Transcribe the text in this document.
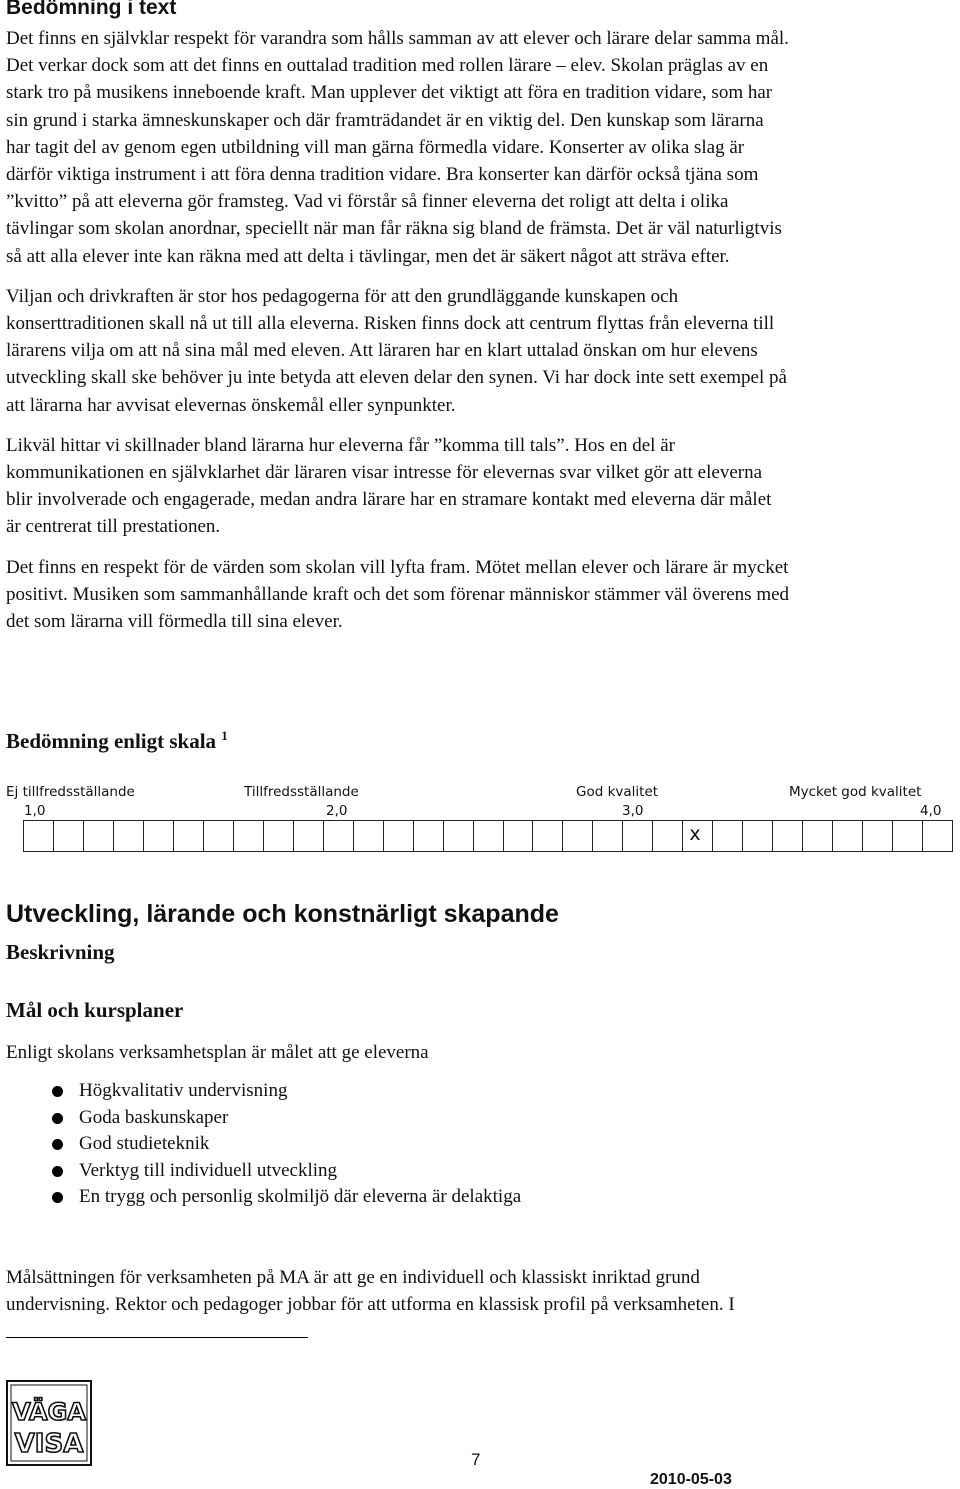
Bedömning i text

Det finns en självklar respekt för varandra som hålls samman av att elever och lärare delar samma mål.
Det verkar dock som att det finns en outtalad tradition med rollen lärare – elev. Skolan präglas av en
stark tro på musikens inneboende kraft. Man upplever det viktigt att föra en tradition vidare, som har
sin grund i starka ämneskunskaper och där framträdandet är en viktig del. Den kunskap som lärarna
har tagit del av genom egen utbildning vill man gärna förmedla vidare. Konserter av olika slag är
därför viktiga instrument i att föra denna tradition vidare. Bra konserter kan därför också tjäna som
”kvitto” på att eleverna gör framsteg. Vad vi förstår så finner eleverna det roligt att delta i olika
tävlingar som skolan anordnar, speciellt när man får räkna sig bland de främsta. Det är väl naturligtvis
så att alla elever inte kan räkna med att delta i tävlingar, men det är säkert något att sträva efter.

Viljan och drivkraften är stor hos pedagogerna för att den grundläggande kunskapen och
konserttraditionen skall nå ut till alla eleverna. Risken finns dock att centrum flyttas från eleverna till
lärarens vilja om att nå sina mål med eleven. Att läraren har en klart uttalad önskan om hur elevens
utveckling skall ske behöver ju inte betyda att eleven delar den synen. Vi har dock inte sett exempel på
att lärarna har avvisat elevernas önskemål eller synpunkter.

Likväl hittar vi skillnader bland lärarna hur eleverna får ”komma till tals”. Hos en del är
kommunikationen en självklarhet där läraren visar intresse för elevernas svar vilket gör att eleverna
blir involverade och engagerade, medan andra lärare har en stramare kontakt med eleverna där målet
är centrerat till prestationen.

Det finns en respekt för de värden som skolan vill lyfta fram. Mötet mellan elever och lärare är mycket
positivt. Musiken som sammanhållande kraft och det som förenar människor stämmer väl överens med
det som lärarna vill förmedla till sina elever.

Bedömning enligt skala $^1$
Ej tillfredsställande	Tillfredsställande	God kvalitet	Mycket god kvalitet
1,0	2,0	3,0	4,0
x
Utveckling, lärande och konstnärligt skapande
Beskrivning
Mål och kursplaner

Enligt skolans verksamhetsplan är målet att ge eleverna

Högkvalitativ undervisning
Goda baskunskaper
God studieteknik
Verktyg till individuell utveckling
En trygg och personlig skolmiljö där eleverna är delaktiga

Målsättningen för verksamheten på MA är att ge en individuell och klassiskt inriktad grund
undervisning. Rektor och pedagoger jobbar för att utforma en klassisk profil på verksamheten. I

VÄGA
VISA
7
2010-05-03
